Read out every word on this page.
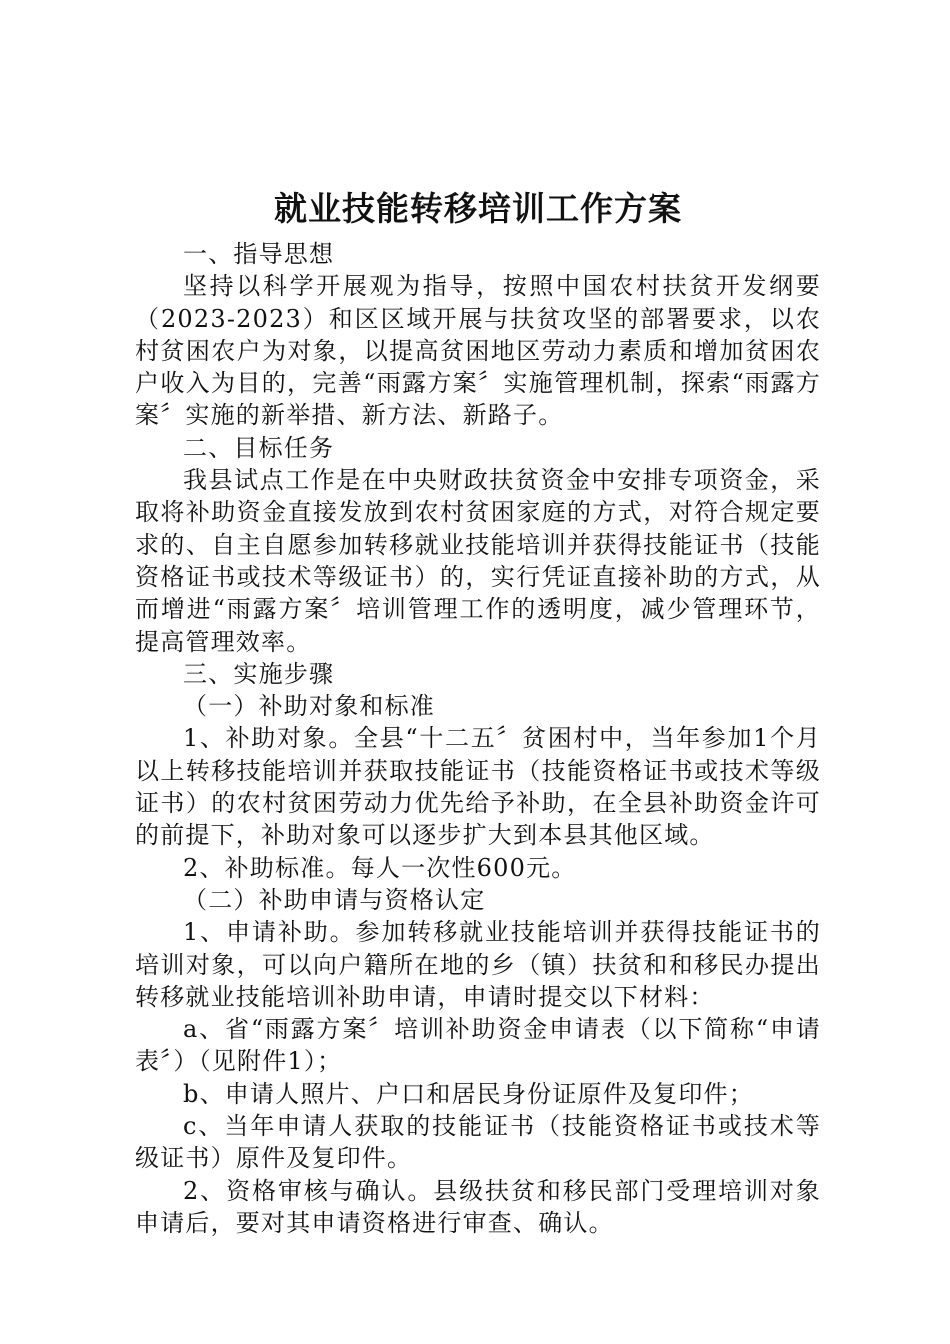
就业技能转移培训工作方案

一、指导思想

坚持以科学开展观为指导，按照中国农村扶贫开发纲要（2023-2023）和区区域开展与扶贫攻坚的部署要求，以农村贫困农户为对象，以提高贫困地区劳动力素质和增加贫困农户收入为目的，完善“雨露方案〞实施管理机制，探索“雨露方案〞实施的新举措、新方法、新路子。

二、目标任务

我县试点工作是在中央财政扶贫资金中安排专项资金，采取将补助资金直接发放到农村贫困家庭的方式，对符合规定要求的、自主自愿参加转移就业技能培训并获得技能证书（技能资格证书或技术等级证书）的，实行凭证直接补助的方式，从而增进“雨露方案〞培训管理工作的透明度，减少管理环节，提高管理效率。

三、实施步骤

（一）补助对象和标准

1、补助对象。全县“十二五〞贫困村中，当年参加1个月以上转移技能培训并获取技能证书（技能资格证书或技术等级证书）的农村贫困劳动力优先给予补助，在全县补助资金许可的前提下，补助对象可以逐步扩大到本县其他区域。

2、补助标准。每人一次性600元。

（二）补助申请与资格认定

1、申请补助。参加转移就业技能培训并获得技能证书的培训对象，可以向户籍所在地的乡（镇）扶贫和和移民办提出转移就业技能培训补助申请，申请时提交以下材料：

a、省“雨露方案〞培训补助资金申请表（以下简称“申请表〞）（见附件1）；

b、申请人照片、户口和居民身份证原件及复印件；

c、当年申请人获取的技能证书（技能资格证书或技术等级证书）原件及复印件。

2、资格审核与确认。县级扶贫和移民部门受理培训对象申请后，要对其申请资格进行审查、确认。
